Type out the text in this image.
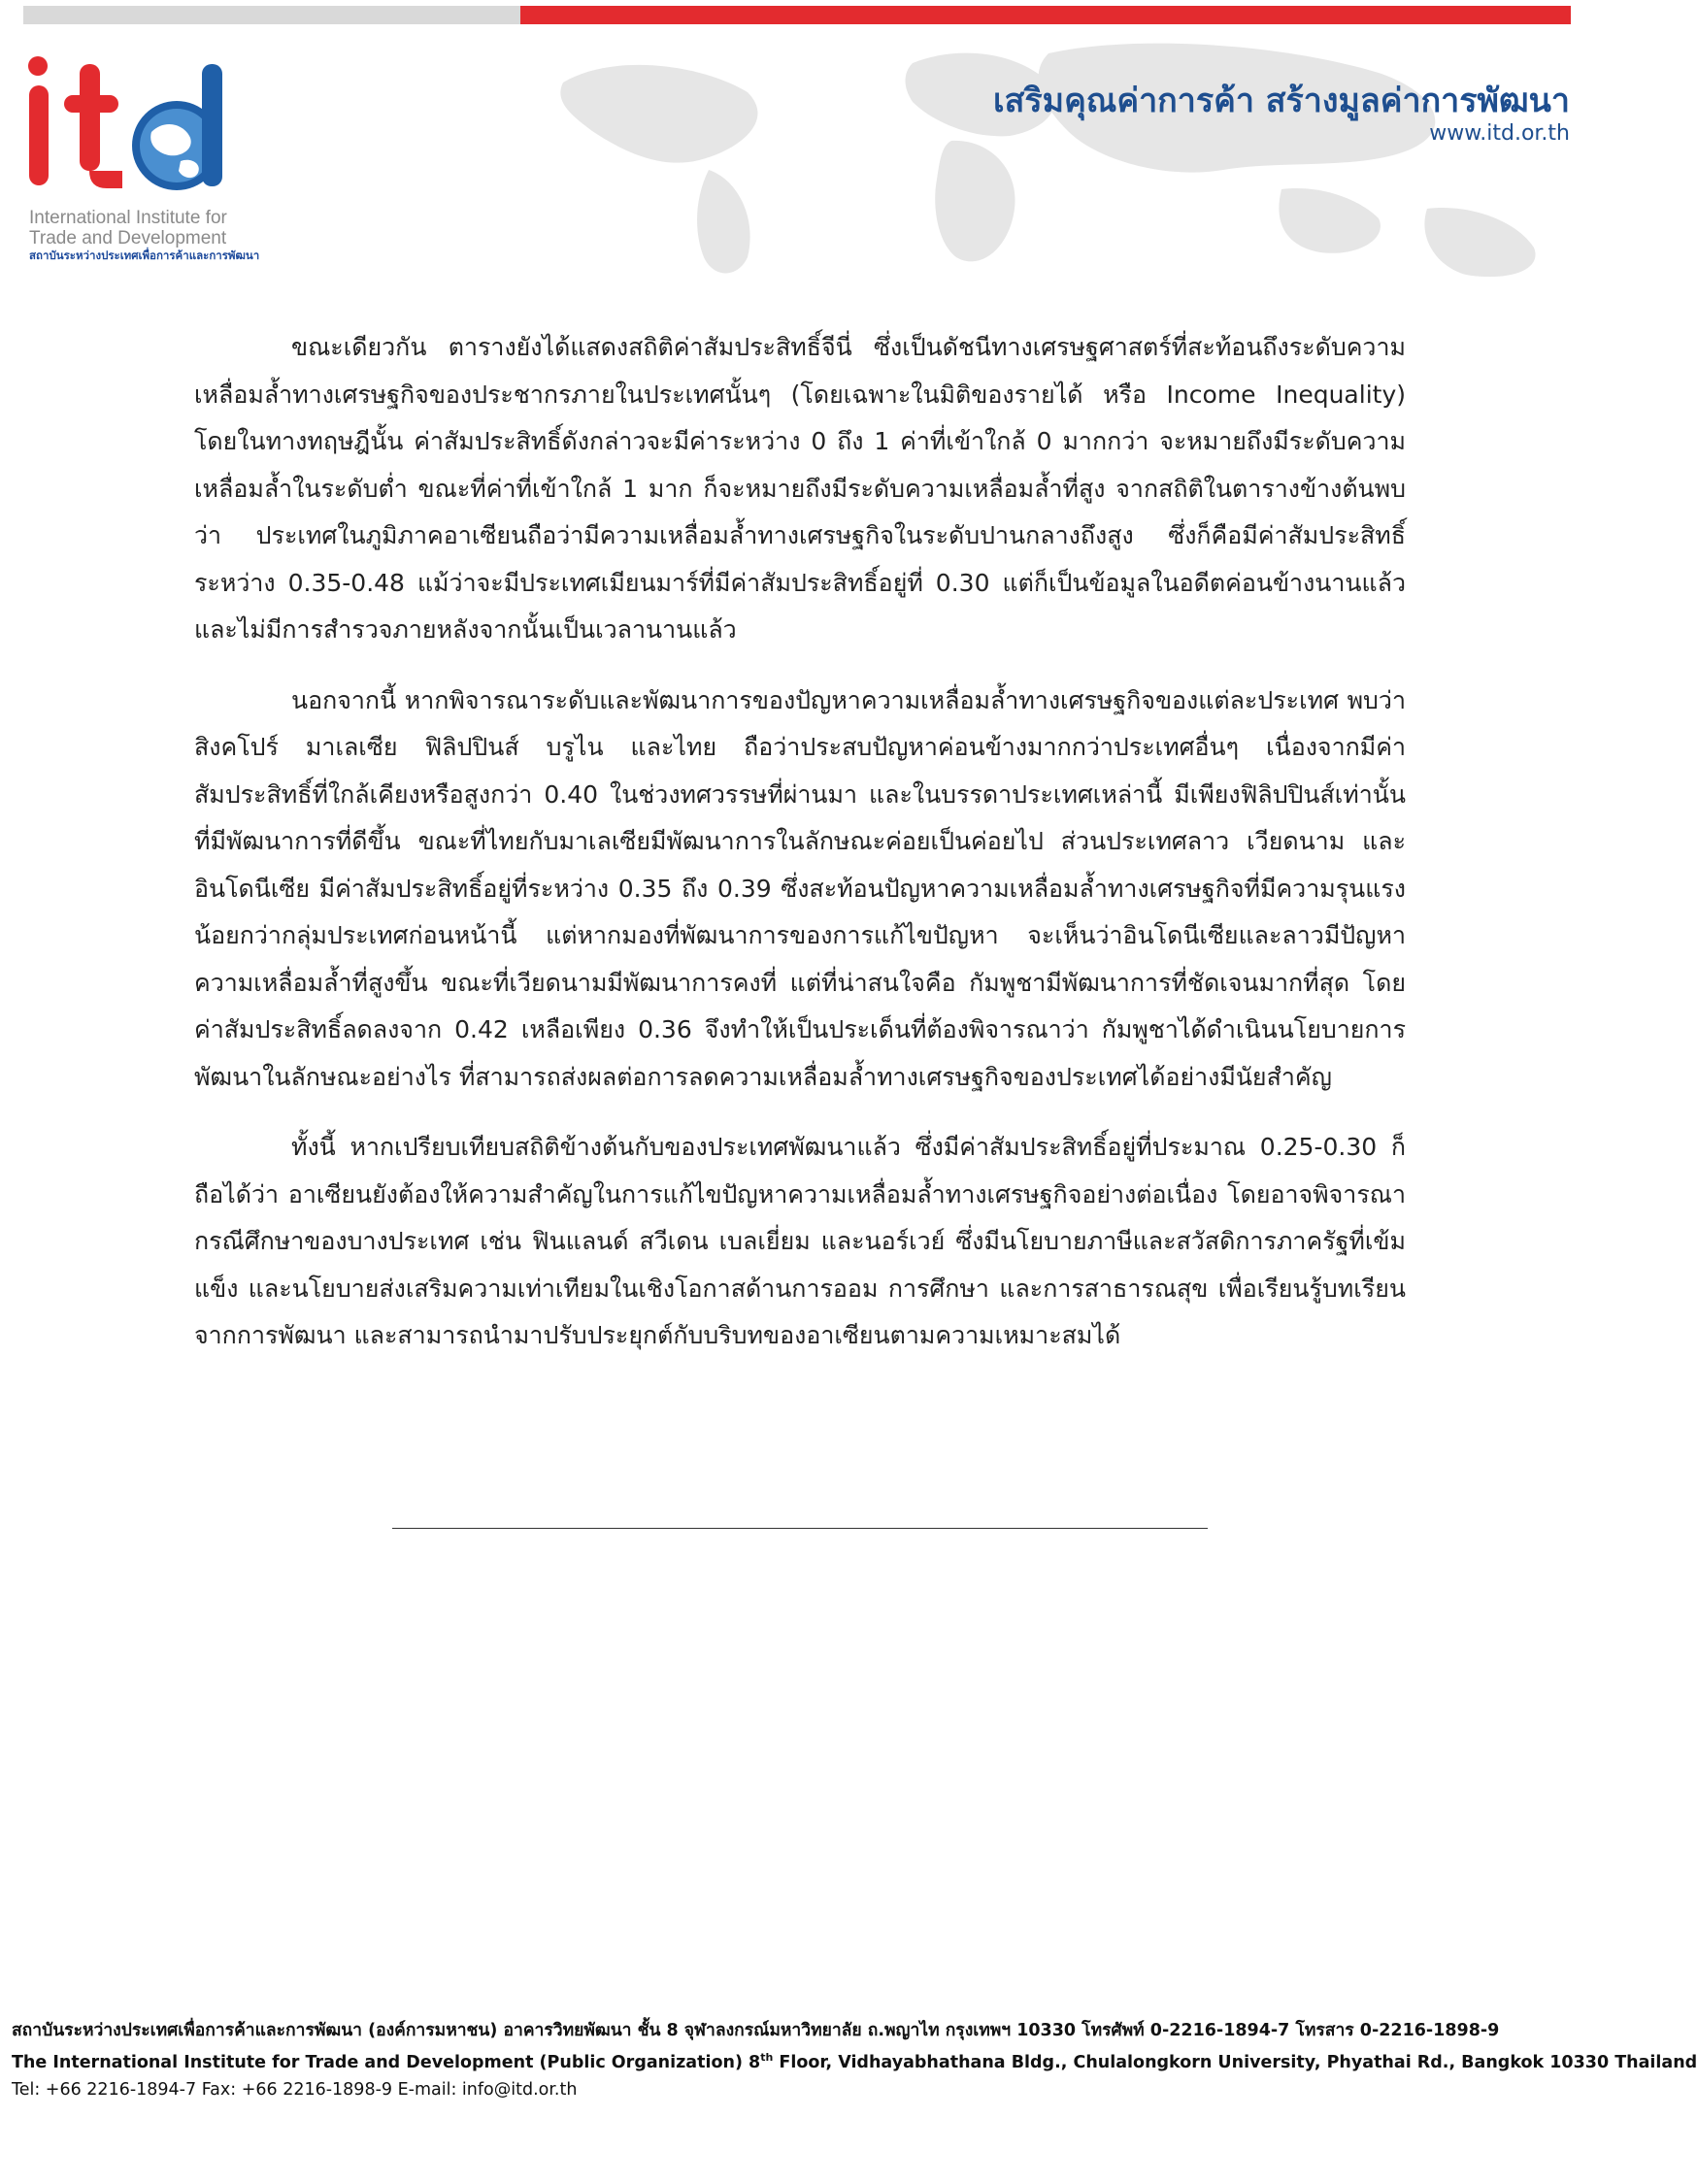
International Institute for
Trade and Development
สถาบันระหว่างประเทศเพื่อการค้าและการพัฒนา
เสริมคุณค่าการค้า สร้างมูลค่าการพัฒนา
www.itd.or.th

ขณะเดียวกัน ตารางยังได้แสดงสถิติค่าสัมประสิทธิ์จีนี่ ซึ่งเป็นดัชนีทางเศรษฐศาสตร์ที่สะท้อนถึงระดับความเหลื่อมล้ำทางเศรษฐกิจของประชากรภายในประเทศนั้นๆ (โดยเฉพาะในมิติของรายได้ หรือ Income Inequality) โดยในทางทฤษฎีนั้น ค่าสัมประสิทธิ์ดังกล่าวจะมีค่าระหว่าง 0 ถึง 1 ค่าที่เข้าใกล้ 0 มากกว่า จะหมายถึงมีระดับความเหลื่อมล้ำในระดับต่ำ ขณะที่ค่าที่เข้าใกล้ 1 มาก ก็จะหมายถึงมีระดับความเหลื่อมล้ำที่สูง จากสถิติในตารางข้างต้นพบว่า ประเทศในภูมิภาคอาเซียนถือว่ามีความเหลื่อมล้ำทางเศรษฐกิจในระดับปานกลางถึงสูง ซึ่งก็คือมีค่าสัมประสิทธิ์ระหว่าง 0.35-0.48 แม้ว่าจะมีประเทศเมียนมาร์ที่มีค่าสัมประสิทธิ์อยู่ที่ 0.30 แต่ก็เป็นข้อมูลในอดีตค่อนข้างนานแล้ว และไม่มีการสำรวจภายหลังจากนั้นเป็นเวลานานแล้ว

นอกจากนี้ หากพิจารณาระดับและพัฒนาการของปัญหาความเหลื่อมล้ำทางเศรษฐกิจของแต่ละประเทศ พบว่า สิงคโปร์ มาเลเซีย ฟิลิปปินส์ บรูไน และไทย ถือว่าประสบปัญหาค่อนข้างมากกว่าประเทศอื่นๆ เนื่องจากมีค่าสัมประสิทธิ์ที่ใกล้เคียงหรือสูงกว่า 0.40 ในช่วงทศวรรษที่ผ่านมา และในบรรดาประเทศเหล่านี้ มีเพียงฟิลิปปินส์เท่านั้นที่มีพัฒนาการที่ดีขึ้น ขณะที่ไทยกับมาเลเซียมีพัฒนาการในลักษณะค่อยเป็นค่อยไป ส่วนประเทศลาว เวียดนาม และอินโดนีเซีย มีค่าสัมประสิทธิ์อยู่ที่ระหว่าง 0.35 ถึง 0.39 ซึ่งสะท้อนปัญหาความเหลื่อมล้ำทางเศรษฐกิจที่มีความรุนแรงน้อยกว่ากลุ่มประเทศก่อนหน้านี้ แต่หากมองที่พัฒนาการของการแก้ไขปัญหา จะเห็นว่าอินโดนีเซียและลาวมีปัญหาความเหลื่อมล้ำที่สูงขึ้น ขณะที่เวียดนามมีพัฒนาการคงที่ แต่ที่น่าสนใจคือ กัมพูชามีพัฒนาการที่ชัดเจนมากที่สุด โดยค่าสัมประสิทธิ์ลดลงจาก 0.42 เหลือเพียง 0.36 จึงทำให้เป็นประเด็นที่ต้องพิจารณาว่า กัมพูชาได้ดำเนินนโยบายการพัฒนาในลักษณะอย่างไร ที่สามารถส่งผลต่อการลดความเหลื่อมล้ำทางเศรษฐกิจของประเทศได้อย่างมีนัยสำคัญ

ทั้งนี้ หากเปรียบเทียบสถิติข้างต้นกับของประเทศพัฒนาแล้ว ซึ่งมีค่าสัมประสิทธิ์อยู่ที่ประมาณ 0.25-0.30 ก็ถือได้ว่า อาเซียนยังต้องให้ความสำคัญในการแก้ไขปัญหาความเหลื่อมล้ำทางเศรษฐกิจอย่างต่อเนื่อง โดยอาจพิจารณากรณีศึกษาของบางประเทศ เช่น ฟินแลนด์ สวีเดน เบลเยี่ยม และนอร์เวย์ ซึ่งมีนโยบายภาษีและสวัสดิการภาครัฐที่เข้มแข็ง และนโยบายส่งเสริมความเท่าเทียมในเชิงโอกาสด้านการออม การศึกษา และการสาธารณสุข เพื่อเรียนรู้บทเรียนจากการพัฒนา และสามารถนำมาปรับประยุกต์กับบริบทของอาเซียนตามความเหมาะสมได้

สถาบันระหว่างประเทศเพื่อการค้าและการพัฒนา (องค์การมหาชน) อาคารวิทยพัฒนา ชั้น 8 จุฬาลงกรณ์มหาวิทยาลัย ถ.พญาไท กรุงเทพฯ 10330 โทรศัพท์ 0-2216-1894-7 โทรสาร 0-2216-1898-9
The International Institute for Trade and Development (Public Organization) 8th Floor, Vidhayabhathana Bldg., Chulalongkorn University, Phyathai Rd., Bangkok 10330 Thailand
Tel: +66 2216-1894-7 Fax: +66 2216-1898-9 E-mail: info@itd.or.th
